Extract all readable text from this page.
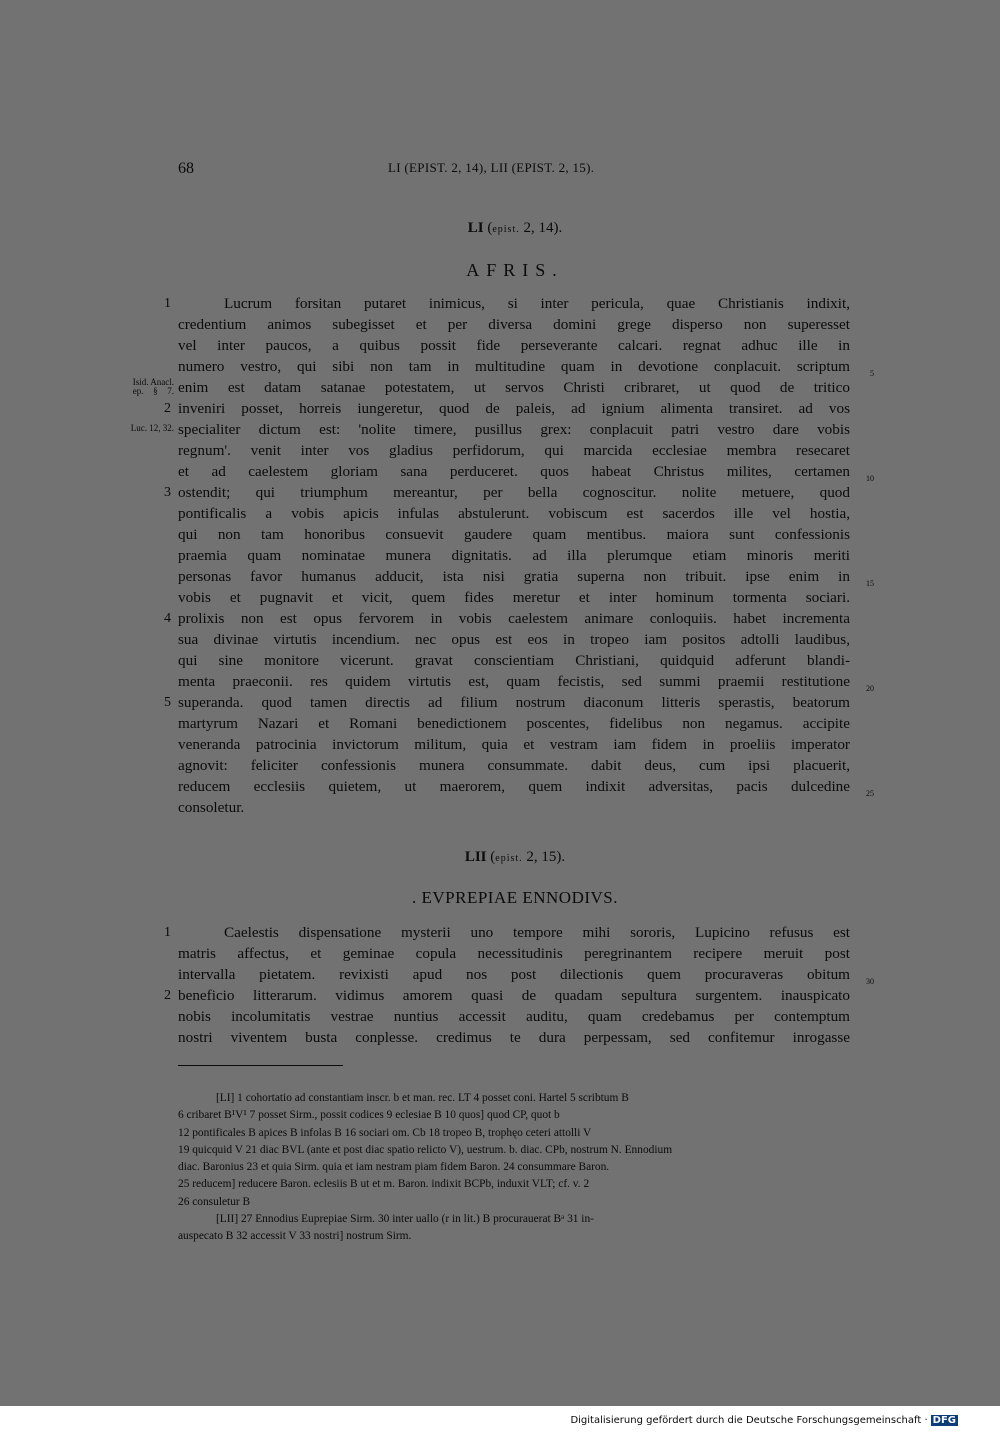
68	LI (EPIST. 2, 14), LII (EPIST. 2, 15).
LI (epist. 2, 14).
AFRIS.
1	Lucrum forsitan putaret inimicus, si inter pericula, quae Christianis indixit,
credentium animos subegisset et per diversa domini grege disperso non superesset
vel inter paucos, a quibus possit fide perseverante calcari. regnat adhuc ille in
numero vestro, qui sibi non tam in multitudine quam in devotione conplacuit. scriptum	5
Isid. Anacl.
ep. § 7. enim est datam satanae potestatem, ut servos Christi cribraret, ut quod de tritico
2 inveniri posset, horreis iungeretur, quod de paleis, ad ignium alimenta transiret. ad vos
Luc. 12, 32. specialiter dictum est: 'nolite timere, pusillus grex: conplacuit patri vestro dare vobis
regnum'. venit inter vos gladius perfidorum, qui marcida ecclesiae membra resecaret
et ad caelestem gloriam sana perduceret. quos habeat Christus milites, certamen 10
3 ostendit; qui triumphum mereantur, per bella cognoscitur. nolite metuere, quod
pontificalis a vobis apicis infulas abstulerunt. vobiscum est sacerdos ille vel hostia,
qui non tam honoribus consuevit gaudere quam mentibus. maiora sunt confessionis
praemia quam nominatae munera dignitatis. ad illa plerumque etiam minoris meriti
personas favor humanus adducit, ista nisi gratia superna non tribuit. ipse enim in 15
vobis et pugnavit et vicit, quem fides meretur et inter hominum tormenta sociari.
4 prolixis non est opus fervorem in vobis caelestem animare conloquiis. habet incrementa
sua divinae virtutis incendium. nec opus est eos in tropeo iam positos adtolli laudibus,
qui sine monitore vicerunt. gravat conscientiam Christiani, quidquid adferunt blandi-
menta praeconii. res quidem virtutis est, quam fecistis, sed summi praemii restitutione 20
5 superanda. quod tamen directis ad filium nostrum diaconum litteris sperastis, beatorum
martyrum Nazari et Romani benedictionem poscentes, fidelibus non negamus. accipite
veneranda patrocinia invictorum militum, quia et vestram iam fidem in proeliis imperator
agnovit: feliciter confessionis munera consummate. dabit deus, cum ipsi placuerit,
reducem ecclesiis quietem, ut maerorem, quem indixit adversitas, pacis dulcedine 25
consoletur.
LII (epist. 2, 15).
. EVPREPIAE ENNODIVS.
1	Caelestis dispensatione mysterii uno tempore mihi sororis, Lupicino refusus est
matris affectus, et geminae copula necessitudinis peregrinantem recipere meruit post
intervalla pietatem. revixisti apud nos post dilectionis quem procuraveras obitum 30
2 beneficio litterarum. vidimus amorem quasi de quadam sepultura surgentem. inauspicato
nobis incolumitatis vestrae nuntius accessit auditu, quam credebamus per contemptum
nostri viventem busta conplesse. credimus te dura perpessam, sed confitemur inrogasse
[LI] 1 cohortatio ad constantiam inscr. b et man. rec. LT 4 posset coni. Hartel 5 scribtum B
6 cribaret B¹V¹ 7 posset Sirm., possit codices 9 eclesiae B 10 quos] quod CP, quot b
12 pontificales B apices B infolas B 16 sociari om. Cb 18 tropeo B, trophęo ceteri attolli V
19 quicquid V 21 diac BVL (ante et post diac spatio relicto V), uestrum. b. diac. CPb, nostrum N. Ennodium
diac. Baronius 23 et quia Sirm. quia et iam nestram piam fidem Baron. 24 consummare Baron.
25 reducem] reducere Baron. eclesiis B ut et m. Baron. indixit BCPb, induxit VLT; cf. v. 2
26 consuletur B
[LII] 27 Ennodius Euprepiae Sirm. 30 inter uallo (r in lit.) B procurauerat Bᵃ 31 in-
auspecato B 32 accessit V 33 nostri] nostrum Sirm.
Digitalisierung gefördert durch die Deutsche Forschungsgemeinschaft · DFG
